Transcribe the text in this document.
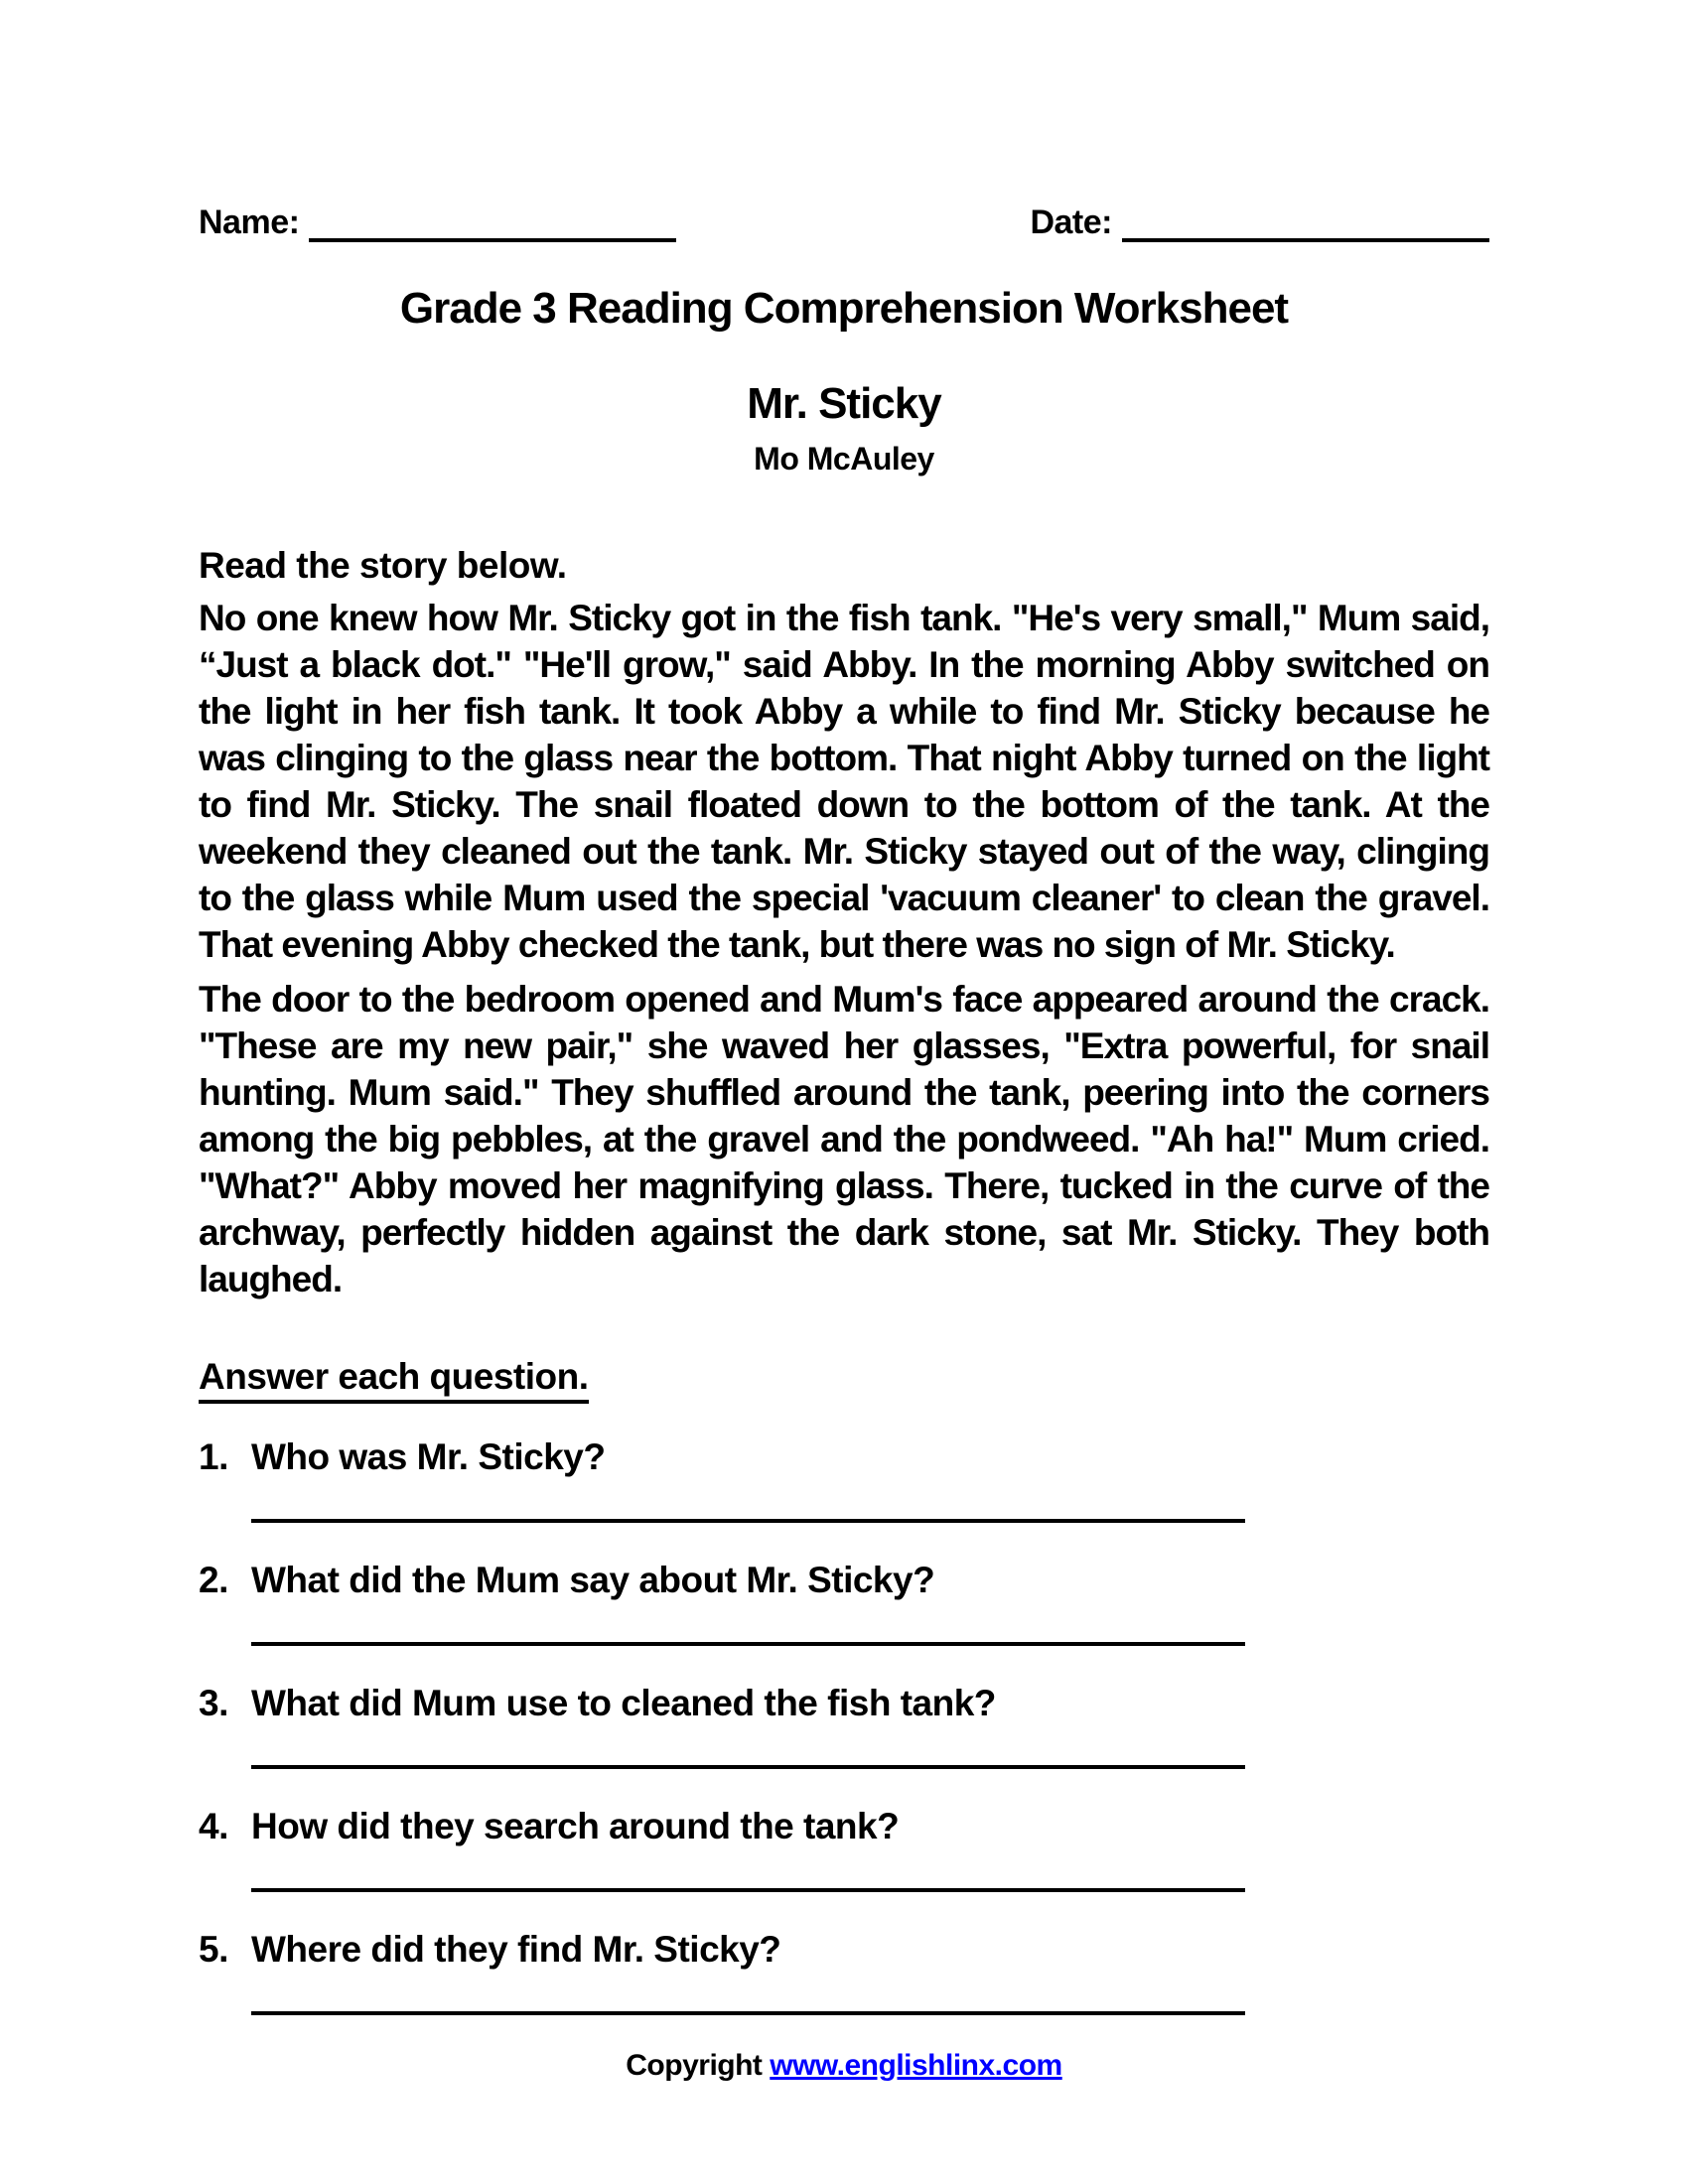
Name:	Date:
Grade 3 Reading Comprehension Worksheet
Mr. Sticky
Mo McAuley
Read the story below.

No one knew how Mr. Sticky got in the fish tank. "He's very small," Mum said, “Just a black dot." "He'll grow," said Abby. In the morning Abby switched on the light in her fish tank. It took Abby a while to find Mr. Sticky because he was clinging to the glass near the bottom. That night Abby turned on the light to find Mr. Sticky. The snail floated down to the bottom of the tank. At the weekend they cleaned out the tank. Mr. Sticky stayed out of the way, clinging to the glass while Mum used the special 'vacuum cleaner' to clean the gravel. That evening Abby checked the tank, but there was no sign of Mr. Sticky.

The door to the bedroom opened and Mum's face appeared around the crack. "These are my new pair," she waved her glasses, "Extra powerful, for snail hunting. Mum said." They shuffled around the tank, peering into the corners among the big pebbles, at the gravel and the pondweed. "Ah ha!" Mum cried. "What?" Abby moved her magnifying glass. There, tucked in the curve of the archway, perfectly hidden against the dark stone, sat Mr. Sticky. They both laughed.

Answer each question.
1. Who was Mr. Sticky?
2. What did the Mum say about Mr. Sticky?
3. What did Mum use to cleaned the fish tank?
4. How did they search around the tank?
5. Where did they find Mr. Sticky?
Copyright www.englishlinx.com
